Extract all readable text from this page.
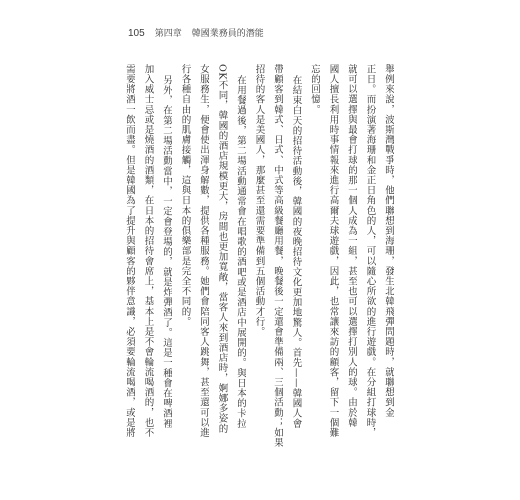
105 第四章 韓國業務員的潛能
舉例來說，波斯灣戰爭時，他們聯想到海珊，發生北韓飛彈問題時，就聯想到金
正日。而扮演著海珊和金正日角色的人，可以隨心所欲的進行遊戲。在分組打球時，
就可以選擇與最會打球的那一個人成為一組，甚至也可以選擇打別人的球。由於韓
國人擅長利用時事情報來進行高爾夫球遊戲，因此，也常讓來訪的顧客，留下一個難
忘的回憶。
在結束白天的招待活動後，韓國的夜晚招待文化更加地驚人。首先——韓國人會
帶顧客到韓式、日式、中式等高級餐廳用餐，晚餐後一定還會準備兩、三個活動；如果
招待的客人是美國人，那麼甚至還需要準備到五個活動才行。
在用餐過後，第二場活動通常會在唱歌的酒吧或是酒店中展開的。與日本的卡拉
OK不同，韓國的酒店規模更大，房間也更加寬敞，當客人來到酒店時，婀娜多姿的
女服務生，便會使出渾身解數，提供各種服務。她們會陪同客人跳舞，甚至還可以進
行各種自由的肌膚接觸，這與日本的俱樂部是完全不同的。
另外，在第二場活動當中，一定會登場的，就是炸彈酒了。這是一種會在啤酒裡
加入威士忌或是燒酒的酒類，在日本的招待會席上，基本上是不會輪流喝酒的，也不
需要將酒一飲而盡。但是韓國為了提升與顧客的夥伴意識，必須要輪流喝酒，或是將
